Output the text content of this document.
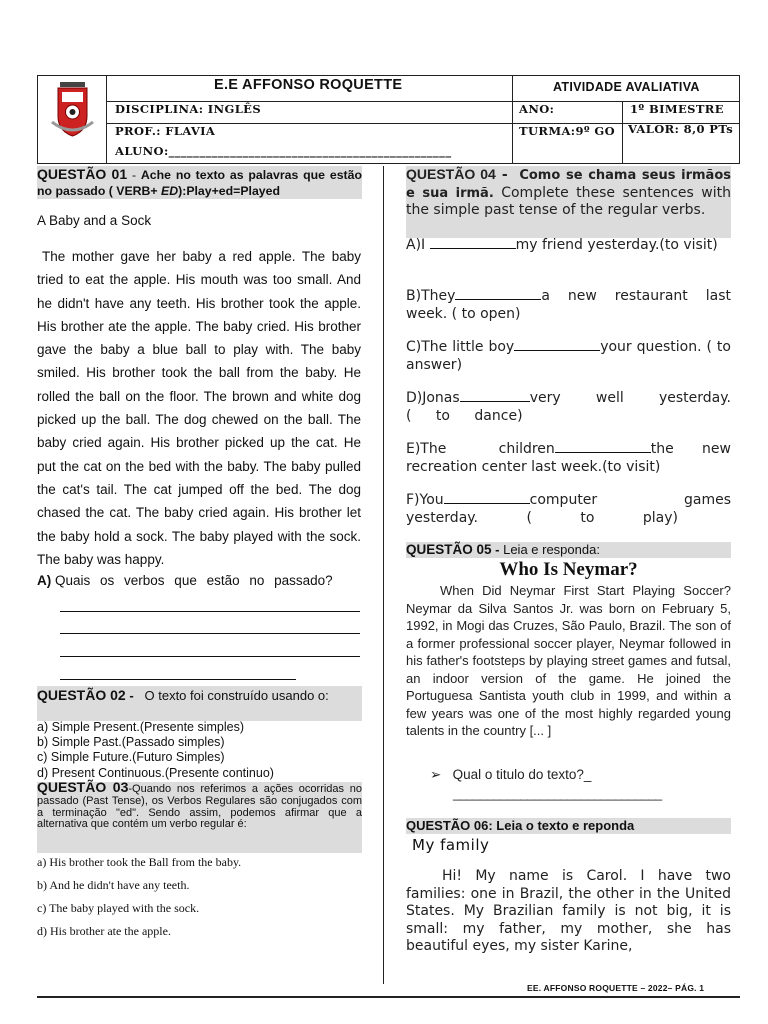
E.E AFFONSO ROQUETTE	ATIVIDADE AVALIATIVA
DISCIPLINA: INGLÊS	ANO:	1º BIMESTRE
PROF.: FLAVIA	TURMA:9º GO VALOR: 8,0 PTs
ALUNO:______________________________________________
QUESTÃO 01 - Ache no texto as palavras que estão no passado ( VERB+ ED):Play+ed=Played
A Baby and a Sock
The mother gave her baby a red apple. The baby tried to eat the apple. His mouth was too small. And he didn't have any teeth. His brother took the apple. His brother ate the apple. The baby cried. His brother gave the baby a blue ball to play with. The baby smiled. His brother took the ball from the baby. He rolled the ball on the floor. The brown and white dog picked up the ball. The dog chewed on the ball. The baby cried again. His brother picked up the cat. He put the cat on the bed with the baby. The baby pulled the cat's tail. The cat jumped off the bed. The dog chased the cat. The baby cried again. His brother let the baby hold a sock. The baby played with the sock. The baby was happy.
A) Quais os verbos que estão no passado?
QUESTÃO 02 -   O texto foi construído usando o:
a) Simple Present.(Presente simples)
b) Simple Past.(Passado simples)
c) Simple Future.(Futuro Simples)
d) Present Continuous.(Presente continuo)
QUESTÃO 03-Quando nos referimos a ações ocorridas no passado (Past Tense), os Verbos Regulares são conjugados com a terminação "ed". Sendo assim, podemos afirmar que a alternativa que contém um verbo regular é:
a) His brother took the Ball from the baby.
b) And he didn't have any teeth.
c) The baby played with the sock.
d) His brother ate the apple.
QUESTÃO 04 -  Como se chama seus irmãos e sua irmã. Complete these sentences with the simple past tense of the regular verbs.
A)I	my friend yesterday.(to visit)
B)They	a new restaurant last week. ( to open)
C)The little boy	your question. ( to answer)
D)Jonas	very well yesterday. ( to dance)
E)The children	the new recreation center last week.(to visit)
F)You	computer games yesterday. ( to play)
QUESTÃO 05 - Leia e responda:
Who Is Neymar?
When Did Neymar First Start Playing Soccer?Neymar da Silva Santos Jr. was born on February 5, 1992, in Mogi das Cruzes, São Paulo, Brazil. The son of a former professional soccer player, Neymar followed in his father's footsteps by playing street games and futsal, an indoor version of the game. He joined the Portuguesa Santista youth club in 1999, and within a few years was one of the most highly regarded young talents in the country [... ]
➢ Qual o titulo do texto?_
_______________________________
QUESTÃO 06: Leia o texto e reponda
My family
Hi! My name is Carol. I have two families: one in Brazil, the other in the United States. My Brazilian family is not big, it is small: my father, my mother, she has beautiful eyes, my sister Karine,
EE. AFFONSO ROQUETTE – 2022– PÁG. 1
